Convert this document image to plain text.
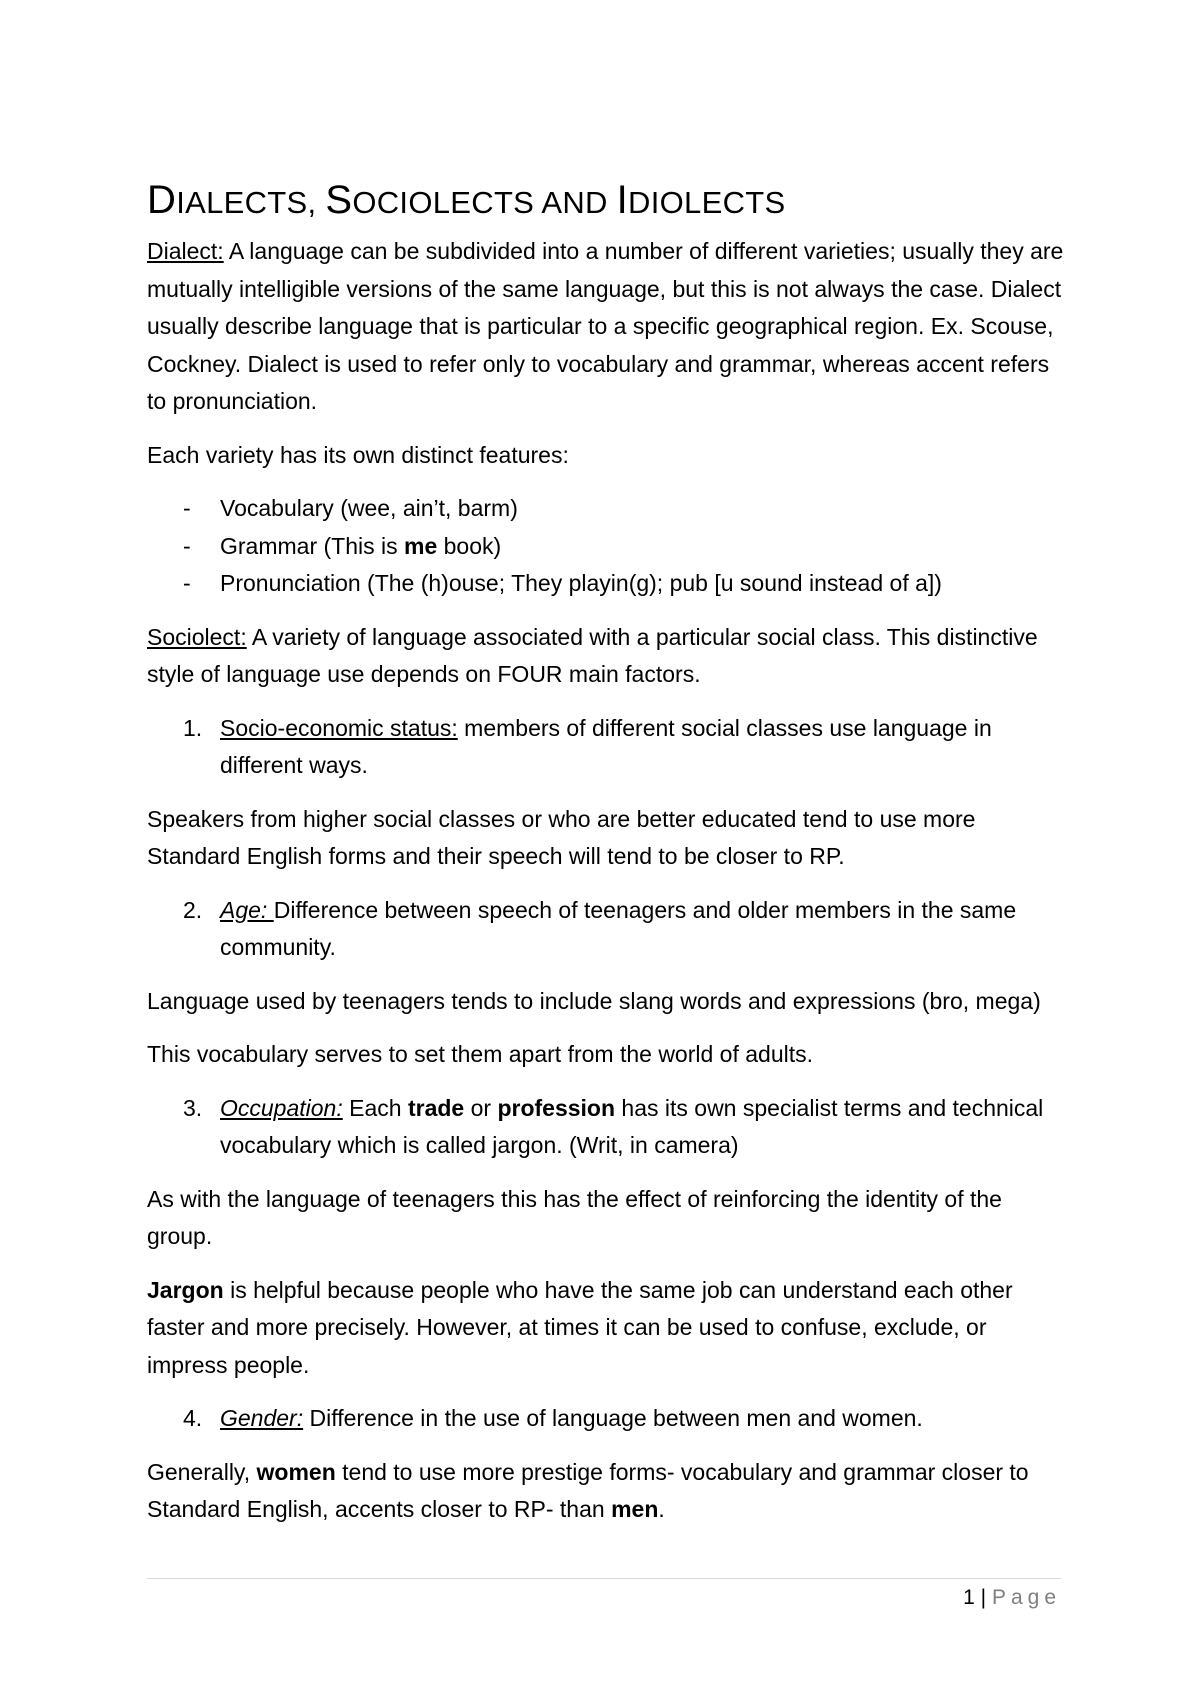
DIALECTS, SOCIOLECTS AND IDIOLECTS

Dialect: A language can be subdivided into a number of different varieties; usually they are mutually intelligible versions of the same language, but this is not always the case. Dialect usually describe language that is particular to a specific geographical region. Ex. Scouse, Cockney. Dialect is used to refer only to vocabulary and grammar, whereas accent refers to pronunciation.

Each variety has its own distinct features:

- Vocabulary (wee, ain’t, barm)
- Grammar (This is me book)
- Pronunciation (The (h)ouse; They playin(g); pub [u sound instead of a])

Sociolect: A variety of language associated with a particular social class. This distinctive style of language use depends on FOUR main factors.

1. Socio-economic status: members of different social classes use language in different ways.

Speakers from higher social classes or who are better educated tend to use more Standard English forms and their speech will tend to be closer to RP.

2. Age: Difference between speech of teenagers and older members in the same community.

Language used by teenagers tends to include slang words and expressions (bro, mega)

This vocabulary serves to set them apart from the world of adults.

3. Occupation: Each trade or profession has its own specialist terms and technical vocabulary which is called jargon. (Writ, in camera)

As with the language of teenagers this has the effect of reinforcing the identity of the group.

Jargon is helpful because people who have the same job can understand each other faster and more precisely. However, at times it can be used to confuse, exclude, or impress people.

4. Gender: Difference in the use of language between men and women.

Generally, women tend to use more prestige forms- vocabulary and grammar closer to Standard English, accents closer to RP- than men.

1 | Page
